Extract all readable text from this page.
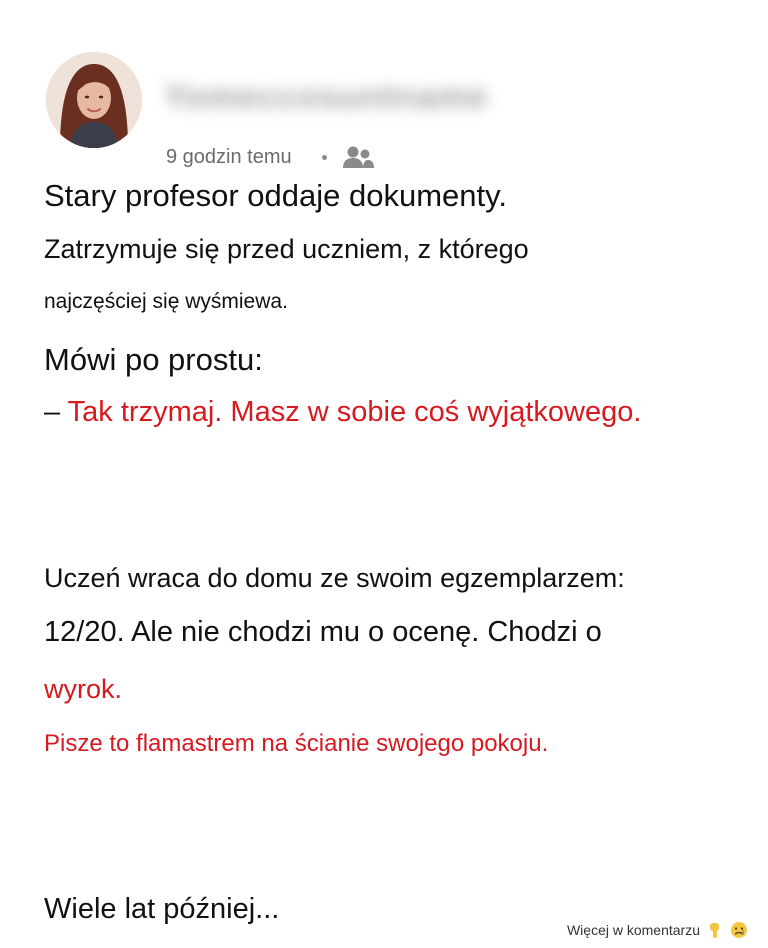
Yomeccosuntname
9 godzin temu
Stary profesor oddaje dokumenty.
Zatrzymuje się przed uczniem, z którego
najczęściej się wyśmiewa.
Mówi po prostu:
– Tak trzymaj. Masz w sobie coś wyjątkowego.
Uczeń wraca do domu ze swoim egzemplarzem:
12/20. Ale nie chodzi mu o ocenę. Chodzi o
wyrok.
Pisze to flamastrem na ścianie swojego pokoju.
Wiele lat później...
Więcej w komentarzu
